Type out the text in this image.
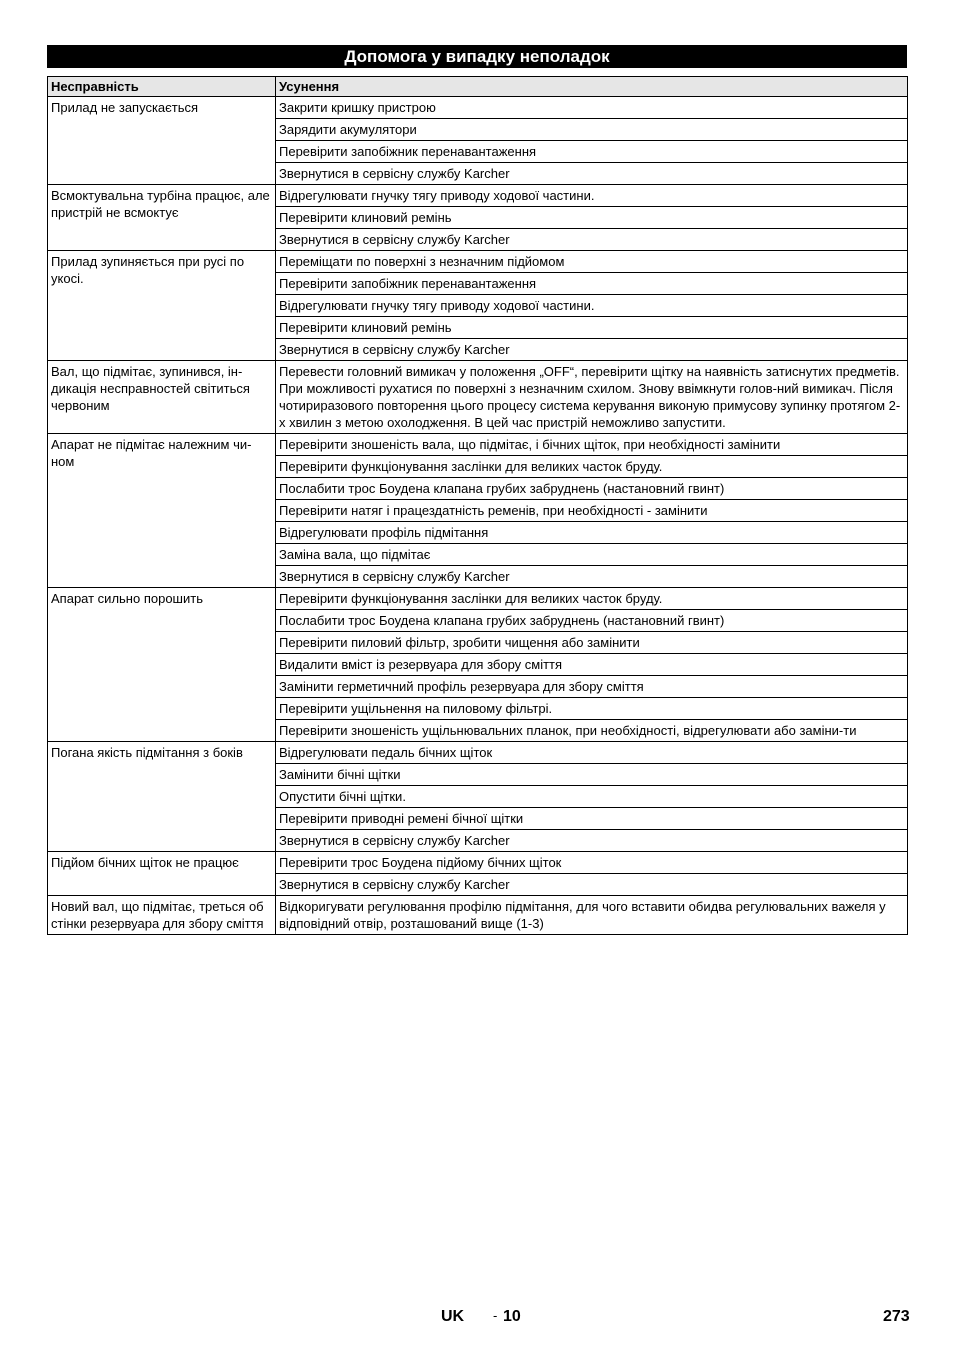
Допомога у випадку неполадок
Несправність	Усунення
Прилад не запускається	Закрити кришку пристрою
	Зарядити акумулятори
	Перевірити запобіжник перенавантаження
	Звернутися в сервісну службу Karcher
Всмоктувальна турбіна працює, але пристрій не всмоктує	Відрегулювати гнучку тягу приводу ходової частини.
	Перевірити клиновий ремінь
	Звернутися в сервісну службу Karcher
Прилад зупиняється при русі по укосі.	Переміщати по поверхні з незначним підйомом
	Перевірити запобіжник перенавантаження
	Відрегулювати гнучку тягу приводу ходової частини.
	Перевірити клиновий ремінь
	Звернутися в сервісну службу Karcher
Вал, що підмітає, зупинився, ін-дикація несправностей світиться червоним	Перевести головний вимикач у положення „OFF“, перевірити щітку на наявність затиснутих предметів. При можливості рухатися по поверхні з незначним схилом. Знову ввімкнути голов-ний вимикач. Після чотириразового повторення цього процесу система керування виконую примусову зупинку протягом 2-х хвилин з метою охолодження. В цей час пристрій неможливо запустити.
Апарат не підмітає належним чи-ном	Перевірити зношеність вала, що підмітає, і бічних щіток, при необхідності замінити
	Перевірити функціонування заслінки для великих часток бруду.
	Послабити трос Боудена клапана грубих забруднень (настановний гвинт)
	Перевірити натяг і працездатність ременів, при необхідності - замінити
	Відрегулювати профіль підмітання
	Заміна вала, що підмітає
	Звернутися в сервісну службу Karcher
Апарат сильно порошить	Перевірити функціонування заслінки для великих часток бруду.
	Послабити трос Боудена клапана грубих забруднень (настановний гвинт)
	Перевірити пиловий фільтр, зробити чищення або замінити
	Видалити вміст із резервуара для збору сміття
	Замінити герметичний профіль резервуара для збору сміття
	Перевірити ущільнення на пиловому фільтрі.
	Перевірити зношеність ущільнювальних планок, при необхідності, відрегулювати або заміни-ти
Погана якість підмітання з боків	Відрегулювати педаль бічних щіток
	Замінити бічні щітки
	Опустити бічні щітки.
	Перевірити приводні ремені бічної щітки
	Звернутися в сервісну службу Karcher
Підйом бічних щіток не працює	Перевірити трос Боудена підйому бічних щіток
	Звернутися в сервісну службу Karcher
Новий вал, що підмітає, треться об стінки резервуара для збору сміття	Відкоригувати регулювання профілю підмітання, для чого вставити обидва регулювальних важеля у відповідний отвір, розташований вище (1-3)
UK - 10	273
